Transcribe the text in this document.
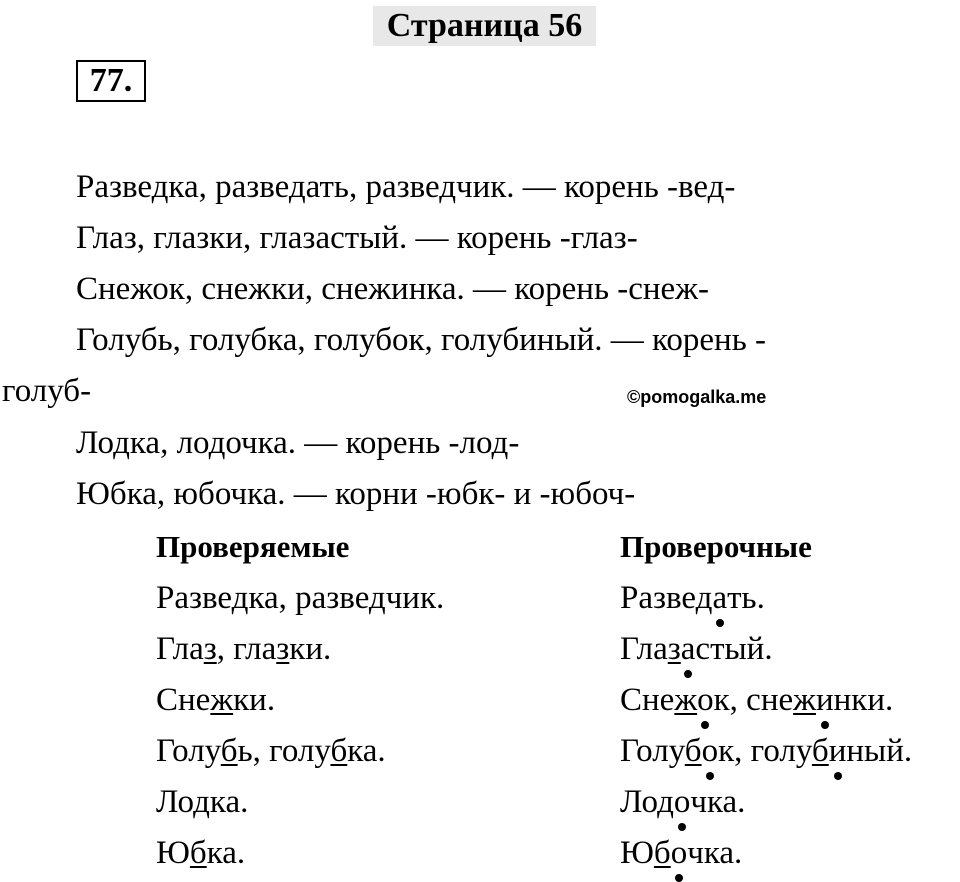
Страница 56
77.
Разведка, разведать, разведчик. — корень -вед-
Глаз, глазки, глазастый. — корень -глаз-
Снежок, снежки, снежинка. — корень -снеж-
Голубь, голубка, голубок, голубиный. — корень -
голуб-	©pomogalka.me
Лодка, лодочка. — корень -лод-
Юбка, юбочка. — корни -юбк- и -юбоч-
Проверяемые	Проверочные
Разведка, разведчик.	Разведать.
Глаз, глазки.	Глазастый.
Снежки.	Снежок, снежинки.
Голубь, голубка.	Голубок, голубиный.
Лодка.	Лодочка.
Юбка.	Юбочка.
